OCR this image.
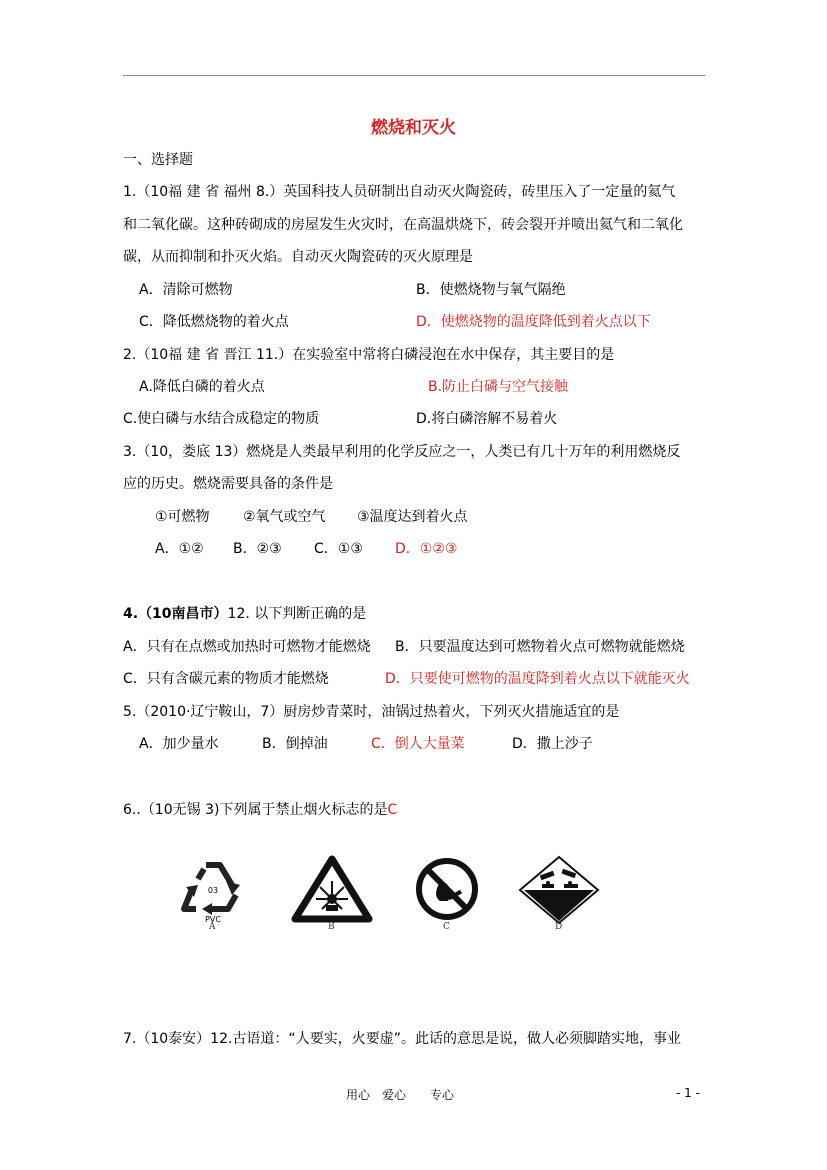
燃烧和灭火
一、选择题
1.（10福 建 省 福州 8.）英国科技人员研制出自动灭火陶瓷砖，砖里压入了一定量的氦气
和二氧化碳。这种砖砌成的房屋发生火灾时，在高温烘烧下，砖会裂开并喷出氦气和二氧化
碳，从而抑制和扑灭火焰。自动灭火陶瓷砖的灭火原理是
A．清除可燃物	B．使燃烧物与氧气隔绝
C．降低燃烧物的着火点	D．使燃烧物的温度降低到着火点以下
2.（10福 建 省 晋江 11.）在实验室中常将白磷浸泡在水中保存，其主要目的是
A.降低白磷的着火点	B.防止白磷与空气接触
C.使白磷与水结合成稳定的物质	D.将白磷溶解不易着火
3.（10，娄底 13）燃烧是人类最早利用的化学反应之一，人类已有几十万年的利用燃烧反
应的历史。燃烧需要具备的条件是
①可燃物 ②氧气或空气 ③温度达到着火点
A．①② B．②③ C．①③ D．①②③
4.（10南昌市）12. 以下判断正确的是
A．只有在点燃或加热时可燃物才能燃烧 B．只要温度达到可燃物着火点可燃物就能燃烧
C．只有含碳元素的物质才能燃烧	D．只要使可燃物的温度降到着火点以下就能灭火
5.（2010·辽宁鞍山，7）厨房炒青菜时，油锅过热着火，下列灭火措施适宜的是
A．加少量水	B．倒掉油	C．倒人大量菜	D．撒上沙子
6..（10无锡 3)下列属于禁止烟火标志的是C
03
PVC
A	B	C	D
7.（10泰安）12.古语道：“人要实，火要虚”。此话的意思是说，做人必须脚踏实地，事业
用心　爱心　　专心	- 1 -
